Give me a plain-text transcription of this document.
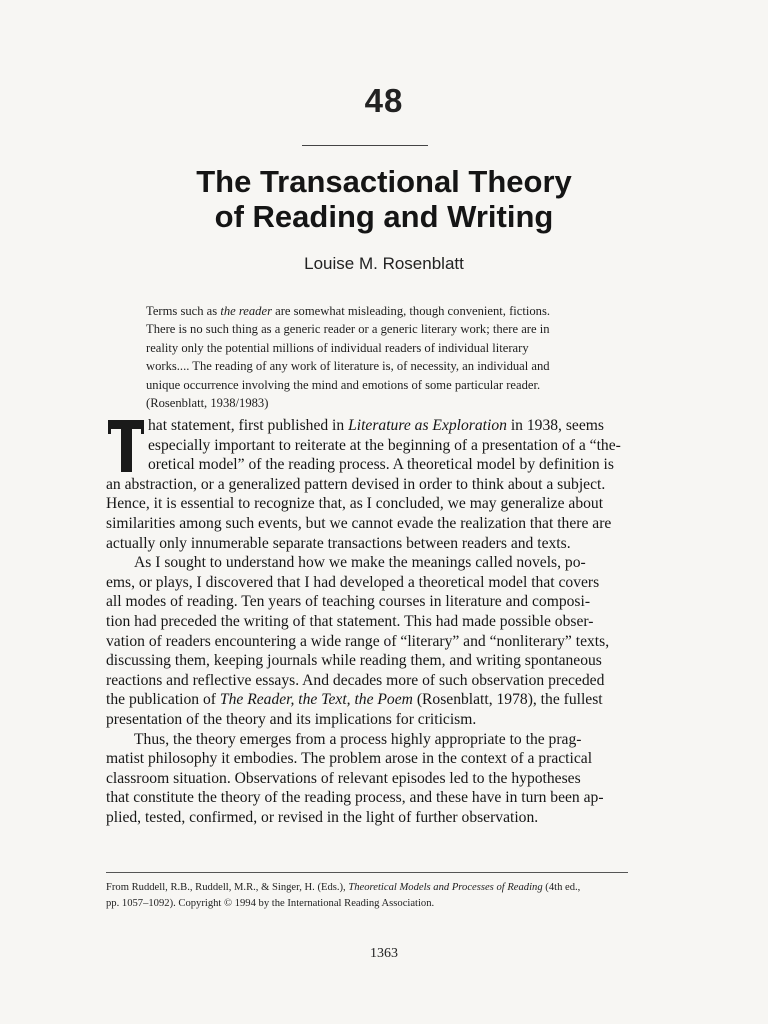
48
The Transactional Theory
of Reading and Writing
Louise M. Rosenblatt
Terms such as the reader are somewhat misleading, though convenient, fictions.
There is no such thing as a generic reader or a generic literary work; there are in
reality only the potential millions of individual readers of individual literary
works.... The reading of any work of literature is, of necessity, an individual and
unique occurrence involving the mind and emotions of some particular reader.
(Rosenblatt, 1938/1983)
hat statement, first published in Literature as Exploration in 1938, seems
especially important to reiterate at the beginning of a presentation of a “the-
oretical model” of the reading process. A theoretical model by definition is
an abstraction, or a generalized pattern devised in order to think about a subject.
Hence, it is essential to recognize that, as I concluded, we may generalize about
similarities among such events, but we cannot evade the realization that there are
actually only innumerable separate transactions between readers and texts.
As I sought to understand how we make the meanings called novels, po-
ems, or plays, I discovered that I had developed a theoretical model that covers
all modes of reading. Ten years of teaching courses in literature and composi-
tion had preceded the writing of that statement. This had made possible obser-
vation of readers encountering a wide range of “literary” and “nonliterary” texts,
discussing them, keeping journals while reading them, and writing spontaneous
reactions and reflective essays. And decades more of such observation preceded
the publication of The Reader, the Text, the Poem (Rosenblatt, 1978), the fullest
presentation of the theory and its implications for criticism.
Thus, the theory emerges from a process highly appropriate to the prag-
matist philosophy it embodies. The problem arose in the context of a practical
classroom situation. Observations of relevant episodes led to the hypotheses
that constitute the theory of the reading process, and these have in turn been ap-
plied, tested, confirmed, or revised in the light of further observation.
From Ruddell, R.B., Ruddell, M.R., & Singer, H. (Eds.), Theoretical Models and Processes of Reading (4th ed.,
pp. 1057–1092). Copyright © 1994 by the International Reading Association.
1363
